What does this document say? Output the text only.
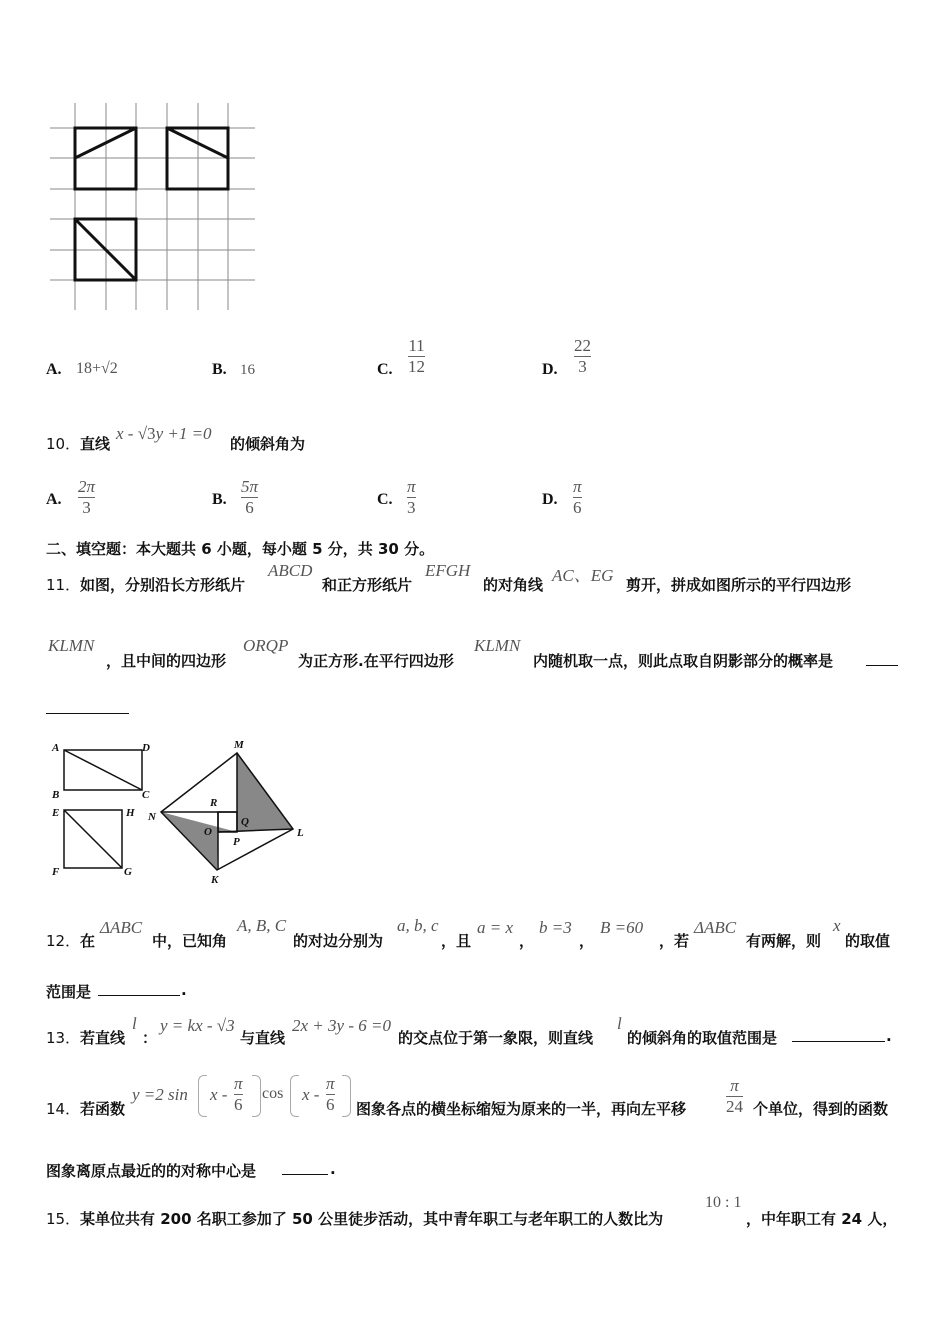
A. 18+√2	B. 16	C.
11
12	D.
22
3
10． 直线
x - √3y +1 =0
的倾斜角为
A.
2π
3	B.
5π
6	C.
π
3	D.
π
6
二、填空题：本大题共 6 小题，每小题 5 分，共 30 分。
11． 如图，分别沿长方形纸片
ABCD
和正方形纸片
EFGH
的对角线 AC、EG 剪开，拼成如图所示的平行四边形
KLMN
，且中间的四边形
ORQP
为正方形.在平行四边形
KLMN
内随机取一点，则此点取自阴影部分的概率是
A	D
B	C
E	H
F	G
M
N
R
Q
O
P
L
K
12． 在
ΔABC
中，已知角
A, B, C
的对边分别为
a, b, c
，且
a = x
，
b =3
，
B =60
，若
ΔABC
有两解，则
x
的取值
范围是	.
13． 若直线
l
：
y = kx - √3
与直线
2x + 3y - 6 =0
的交点位于第一象限，则直线
l
的倾斜角的取值范围是	.
14． 若函数
y =2 sin x -
π
6
cos x -
π
6 图象各点的横坐标缩短为原来的一半，再向左平移
π
24 个单位，得到的函数
图象离原点最近的的对称中心是	.
15． 某单位共有 200 名职工参加了 50 公里徒步活动，其中青年职工与老年职工的人数比为
10 : 1
，中年职工有 24 人，
